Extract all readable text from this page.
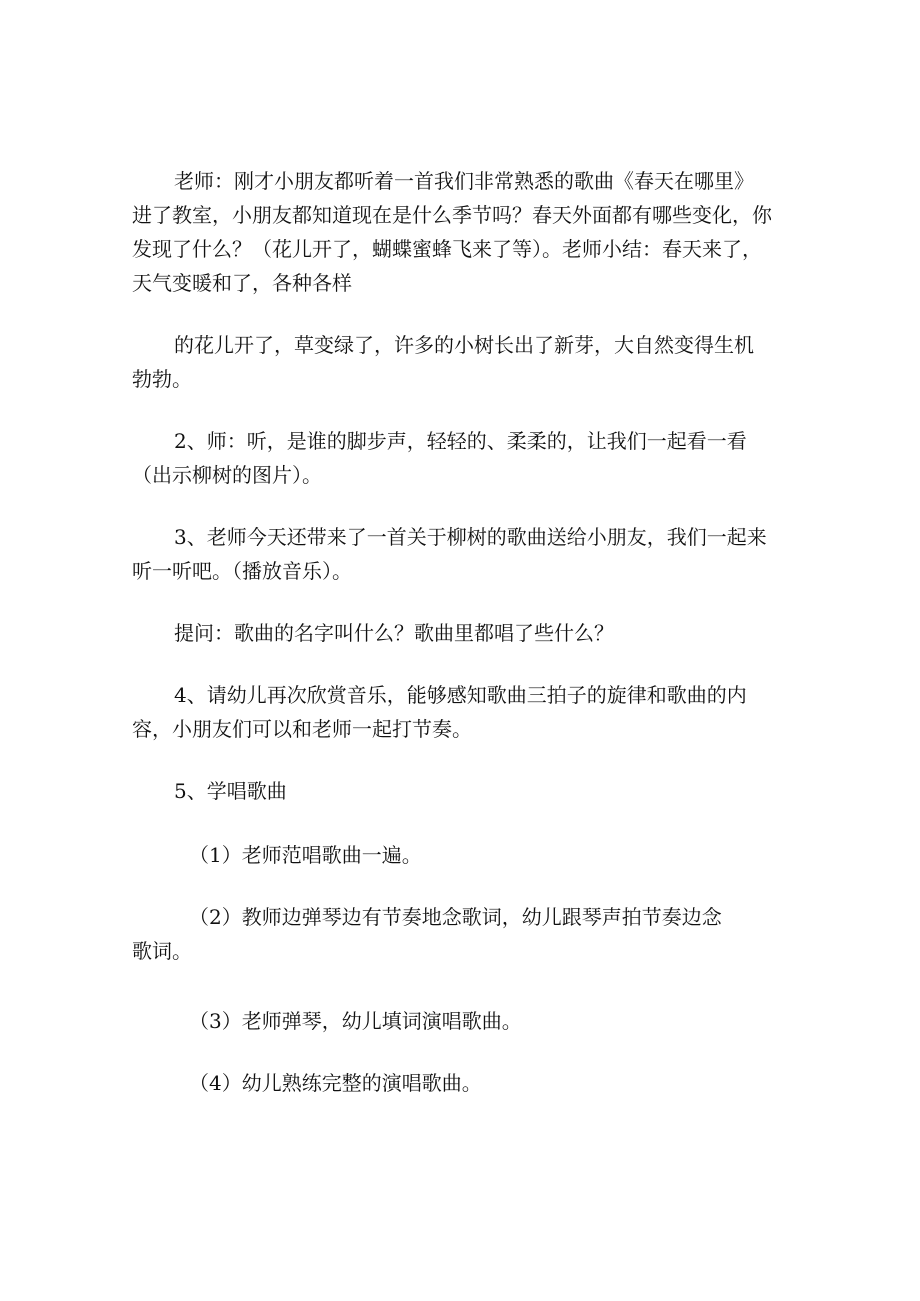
老师：刚才小朋友都听着一首我们非常熟悉的歌曲《春天在哪里》
进了教室，小朋友都知道现在是什么季节吗？春天外面都有哪些变化，你
发现了什么？（花儿开了，蝴蝶蜜蜂飞来了等）。老师小结：春天来了，
天气变暖和了，各种各样
的花儿开了，草变绿了，许多的小树长出了新芽，大自然变得生机
勃勃。
2、师：听，是谁的脚步声，轻轻的、柔柔的，让我们一起看一看
（出示柳树的图片）。
3、老师今天还带来了一首关于柳树的歌曲送给小朋友，我们一起来
听一听吧。（播放音乐）。
提问：歌曲的名字叫什么？歌曲里都唱了些什么？
4、请幼儿再次欣赏音乐，能够感知歌曲三拍子的旋律和歌曲的内
容，小朋友们可以和老师一起打节奏。
5、学唱歌曲
（1）老师范唱歌曲一遍。
（2）教师边弹琴边有节奏地念歌词，幼儿跟琴声拍节奏边念
歌词。
（3）老师弹琴，幼儿填词演唱歌曲。
（4）幼儿熟练完整的演唱歌曲。
